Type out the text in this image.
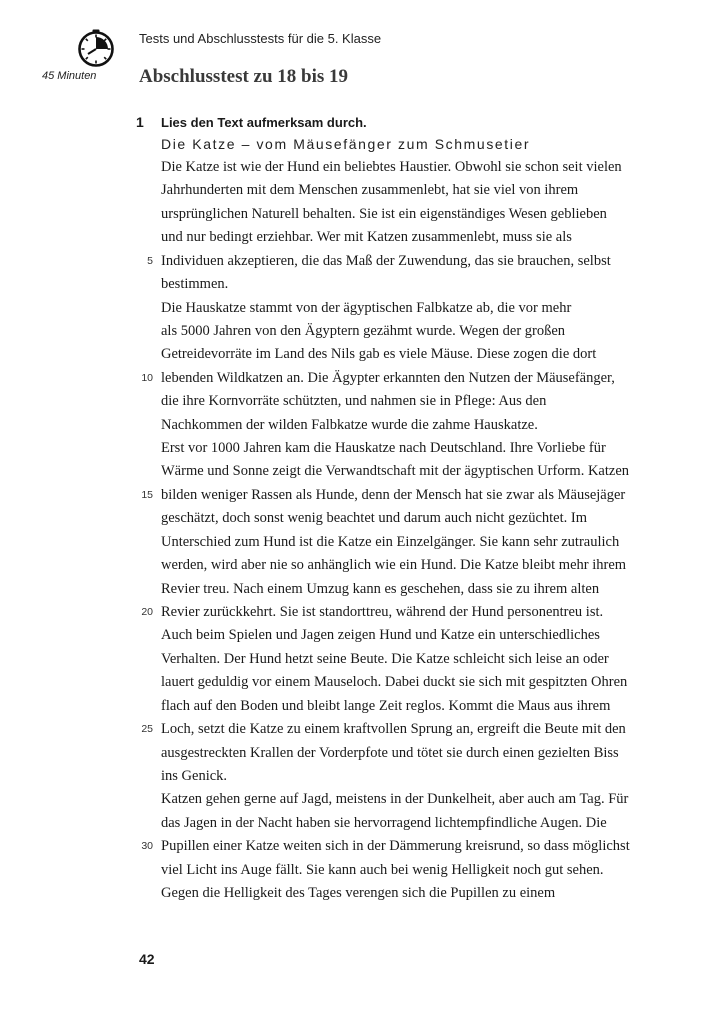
45 Minuten
Tests und Abschlusstests für die 5. Klasse
Abschlusstest zu 18 bis 19
1 Lies den Text aufmerksam durch.
Die Katze – vom Mäusefänger zum Schmusetier
Die Katze ist wie der Hund ein beliebtes Haustier. Obwohl sie schon seit vielen
Jahrhunderten mit dem Menschen zusammenlebt, hat sie viel von ihrem
ursprünglichen Naturell behalten. Sie ist ein eigenständiges Wesen geblieben
und nur bedingt erziehbar. Wer mit Katzen zusammenlebt, muss sie als
5 Individuen akzeptieren, die das Maß der Zuwendung, das sie brauchen, selbst
bestimmen.
Die Hauskatze stammt von der ägyptischen Falbkatze ab, die vor mehr
als 5000 Jahren von den Ägyptern gezähmt wurde. Wegen der großen
Getreidevorräte im Land des Nils gab es viele Mäuse. Diese zogen die dort
10 lebenden Wildkatzen an. Die Ägypter erkannten den Nutzen der Mäusefänger,
die ihre Kornvorräte schützten, und nahmen sie in Pflege: Aus den
Nachkommen der wilden Falbkatze wurde die zahme Hauskatze.
Erst vor 1000 Jahren kam die Hauskatze nach Deutschland. Ihre Vorliebe für
Wärme und Sonne zeigt die Verwandtschaft mit der ägyptischen Urform. Katzen
15 bilden weniger Rassen als Hunde, denn der Mensch hat sie zwar als Mäusejäger
geschätzt, doch sonst wenig beachtet und darum auch nicht gezüchtet. Im
Unterschied zum Hund ist die Katze ein Einzelgänger. Sie kann sehr zutraulich
werden, wird aber nie so anhänglich wie ein Hund. Die Katze bleibt mehr ihrem
Revier treu. Nach einem Umzug kann es geschehen, dass sie zu ihrem alten
20 Revier zurückkehrt. Sie ist standorttreu, während der Hund personentreu ist.
Auch beim Spielen und Jagen zeigen Hund und Katze ein unterschiedliches
Verhalten. Der Hund hetzt seine Beute. Die Katze schleicht sich leise an oder
lauert geduldig vor einem Mauseloch. Dabei duckt sie sich mit gespitzten Ohren
flach auf den Boden und bleibt lange Zeit reglos. Kommt die Maus aus ihrem
25 Loch, setzt die Katze zu einem kraftvollen Sprung an, ergreift die Beute mit den
ausgestreckten Krallen der Vorderpfote und tötet sie durch einen gezielten Biss
ins Genick.
Katzen gehen gerne auf Jagd, meistens in der Dunkelheit, aber auch am Tag. Für
das Jagen in der Nacht haben sie hervorragend lichtempfindliche Augen. Die
30 Pupillen einer Katze weiten sich in der Dämmerung kreisrund, so dass möglichst
viel Licht ins Auge fällt. Sie kann auch bei wenig Helligkeit noch gut sehen.
Gegen die Helligkeit des Tages verengen sich die Pupillen zu einem
42
